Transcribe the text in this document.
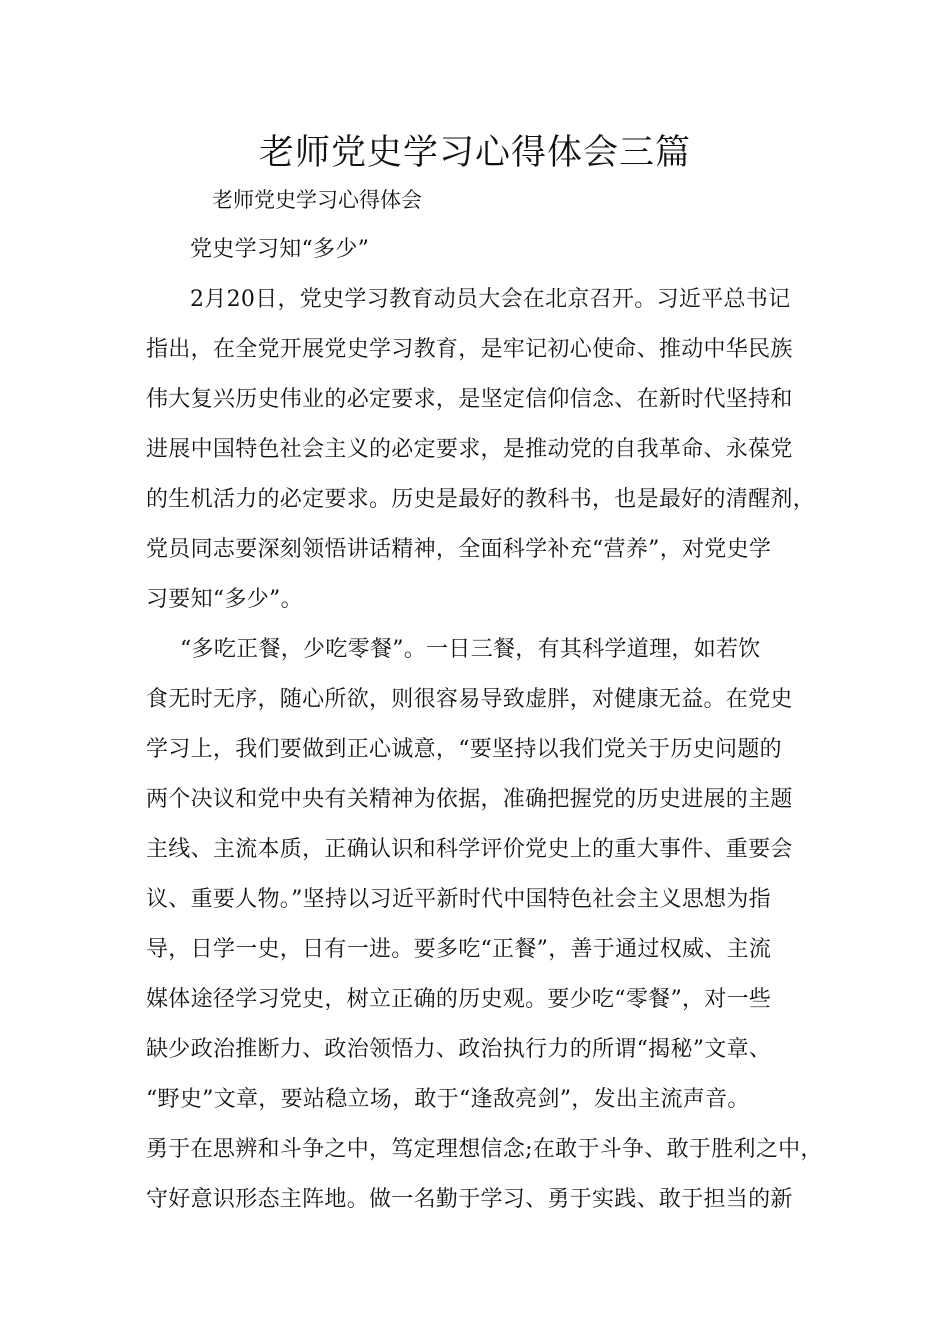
老师党史学习心得体会三篇

老师党史学习心得体会

党史学习知“多少”

2月20日，党史学习教育动员大会在北京召开。习近平总书记

指出，在全党开展党史学习教育，是牢记初心使命、推动中华民族

伟大复兴历史伟业的必定要求，是坚定信仰信念、在新时代坚持和

进展中国特色社会主义的必定要求，是推动党的自我革命、永葆党

的生机活力的必定要求。历史是最好的教科书，也是最好的清醒剂，

党员同志要深刻领悟讲话精神，全面科学补充“营养”，对党史学

习要知“多少”。

“多吃正餐，少吃零餐”。一日三餐，有其科学道理，如若饮

食无时无序，随心所欲，则很容易导致虚胖，对健康无益。在党史

学习上，我们要做到正心诚意，“要坚持以我们党关于历史问题的

两个决议和党中央有关精神为依据，准确把握党的历史进展的主题

主线、主流本质，正确认识和科学评价党史上的重大事件、重要会

议、重要人物。”坚持以习近平新时代中国特色社会主义思想为指

导，日学一史，日有一进。要多吃“正餐”，善于通过权威、主流

媒体途径学习党史，树立正确的历史观。要少吃“零餐”，对一些

缺少政治推断力、政治领悟力、政治执行力的所谓“揭秘”文章、

“野史”文章，要站稳立场，敢于“逢敌亮剑”，发出主流声音。

勇于在思辨和斗争之中，笃定理想信念;在敢于斗争、敢于胜利之中，

守好意识形态主阵地。做一名勤于学习、勇于实践、敢于担当的新
